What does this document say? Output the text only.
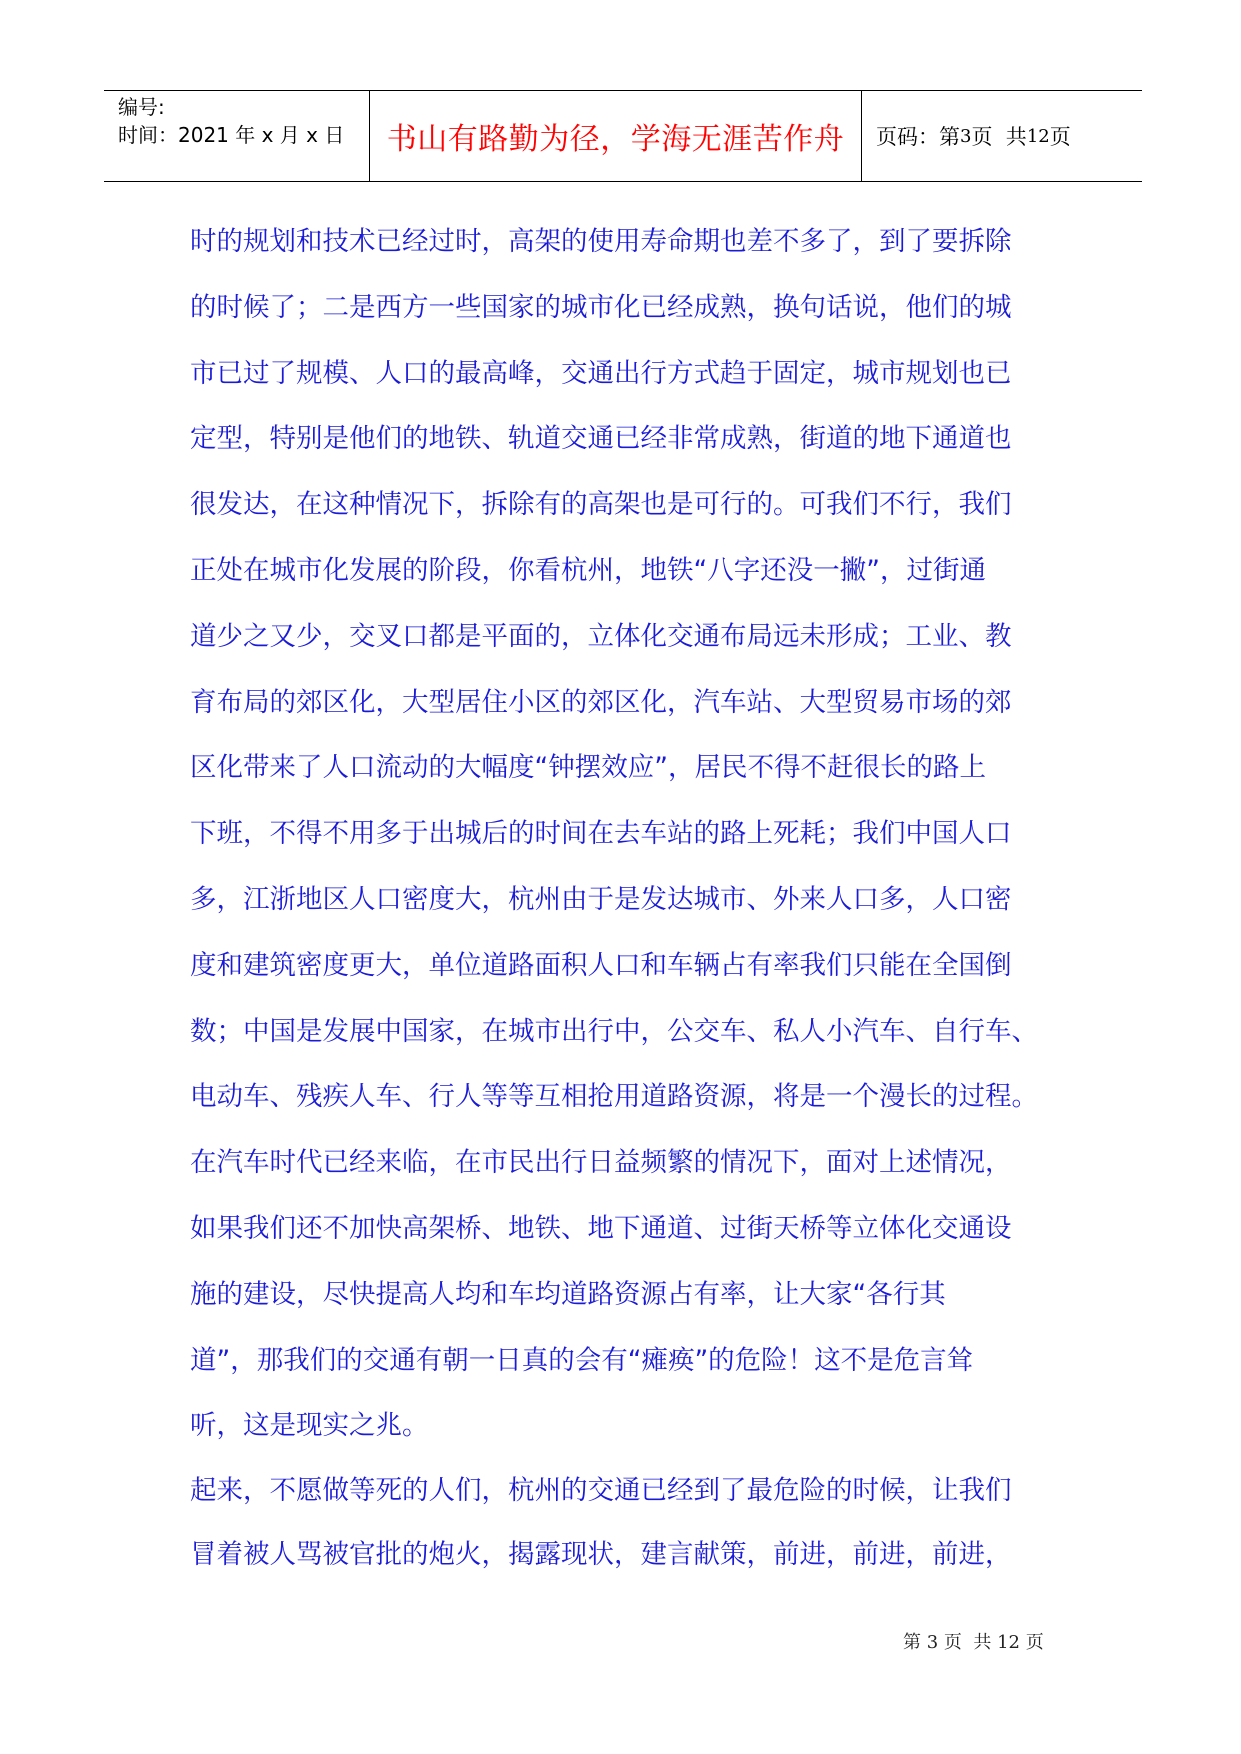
编号:
时间：2021 年 x 月 x 日	书山有路勤为径，学海无涯苦作舟	页码：第 3 页  共 12 页

时的规划和技术已经过时，高架的使用寿命期也差不多了，到了要拆除

的时候了；二是西方一些国家的城市化已经成熟，换句话说，他们的城

市已过了规模、人口的最高峰，交通出行方式趋于固定，城市规划也已

定型，特别是他们的地铁、轨道交通已经非常成熟，街道的地下通道也

很发达，在这种情况下，拆除有的高架也是可行的。可我们不行，我们

正处在城市化发展的阶段，你看杭州，地铁“八字还没一撇”，过街通

道少之又少，交叉口都是平面的，立体化交通布局远未形成；工业、教

育布局的郊区化，大型居住小区的郊区化，汽车站、大型贸易市场的郊

区化带来了人口流动的大幅度“钟摆效应”，居民不得不赶很长的路上

下班，不得不用多于出城后的时间在去车站的路上死耗；我们中国人口

多，江浙地区人口密度大，杭州由于是发达城市、外来人口多，人口密

度和建筑密度更大，单位道路面积人口和车辆占有率我们只能在全国倒

数；中国是发展中国家，在城市出行中，公交车、私人小汽车、自行车、

电动车、残疾人车、行人等等互相抢用道路资源，将是一个漫长的过程。

在汽车时代已经来临，在市民出行日益频繁的情况下，面对上述情况，

如果我们还不加快高架桥、地铁、地下通道、过街天桥等立体化交通设

施的建设，尽快提高人均和车均道路资源占有率，让大家“各行其

道”，那我们的交通有朝一日真的会有“瘫痪”的危险！这不是危言耸

听，这是现实之兆。

起来，不愿做等死的人们，杭州的交通已经到了最危险的时候，让我们

冒着被人骂被官批的炮火，揭露现状，建言献策，前进，前进，前进，

第 3 页  共 12 页
